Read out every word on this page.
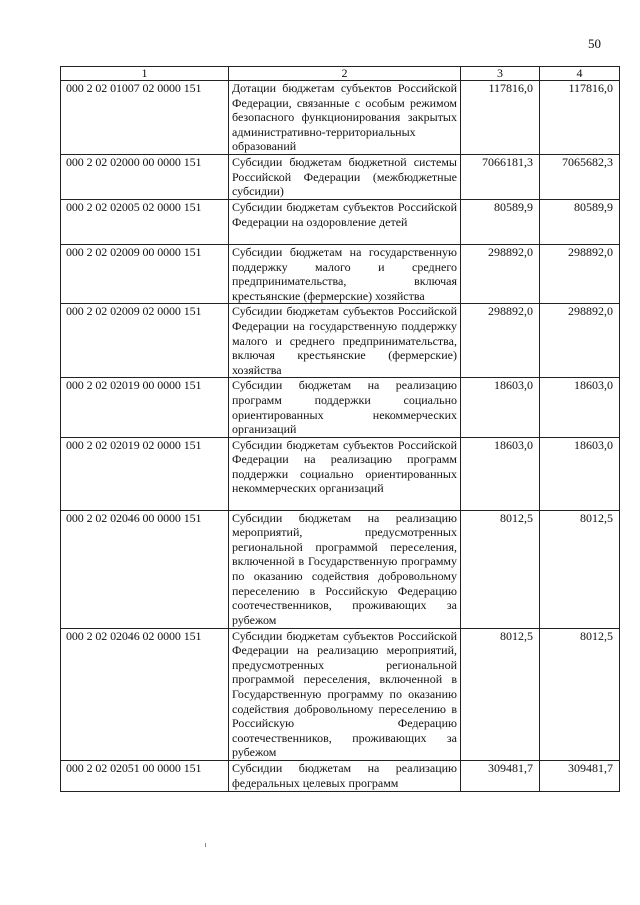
50
1	2	3	4
000 2 02 01007 02 0000 151	Дотации бюджетам субъектов Российской Федерации, связанные с особым режимом безопасного функционирования закрытых административно-территориальных образований	117816,0	117816,0
000 2 02 02000 00 0000 151	Субсидии бюджетам бюджетной системы Российской Федерации (межбюджетные субсидии)	7066181,3	7065682,3
000 2 02 02005 02 0000 151	Субсидии бюджетам субъектов Российской Федерации на оздоровление детей	80589,9	80589,9
000 2 02 02009 00 0000 151	Субсидии бюджетам на государственную поддержку малого и среднего предпринимательства, включая крестьянские (фермерские) хозяйства	298892,0	298892,0
000 2 02 02009 02 0000 151	Субсидии бюджетам субъектов Российской Федерации на государственную поддержку малого и среднего предпринимательства, включая крестьянские (фермерские) хозяйства	298892,0	298892,0
000 2 02 02019 00 0000 151	Субсидии бюджетам на реализацию программ поддержки социально ориентированных некоммерческих организаций	18603,0	18603,0
000 2 02 02019 02 0000 151	Субсидии бюджетам субъектов Российской Федерации на реализацию программ поддержки социально ориентированных некоммерческих организаций	18603,0	18603,0
000 2 02 02046 00 0000 151	Субсидии бюджетам на реализацию мероприятий, предусмотренных региональной программой переселения, включенной в Государственную программу по оказанию содействия добровольному переселению в Российскую Федерацию соотечественников, проживающих за рубежом	8012,5	8012,5
000 2 02 02046 02 0000 151	Субсидии бюджетам субъектов Российской Федерации на реализацию мероприятий, предусмотренных региональной программой переселения, включенной в Государственную программу по оказанию содействия добровольному переселению в Российскую Федерацию соотечественников, проживающих за рубежом	8012,5	8012,5
000 2 02 02051 00 0000 151	Субсидии бюджетам на реализацию федеральных целевых программ	309481,7	309481,7
